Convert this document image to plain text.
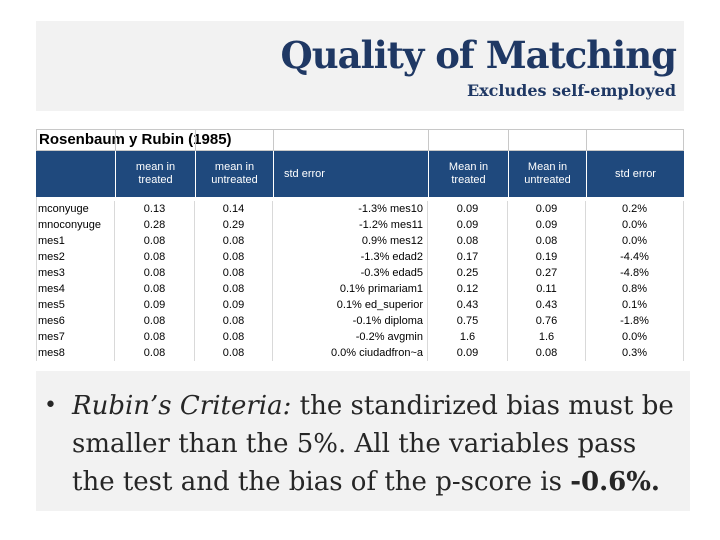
Quality of Matching
Excludes self-employed
Rosenbaum y Rubin (1985)
mean in treated
mean in untreated
std error
Mean in treated
Mean in untreated
std error
mconyuge
mnoconyuge
mes1
mes2
mes3
mes4
mes5
mes6
mes7
mes8
0.13
0.28
0.08
0.08
0.08
0.08
0.09
0.08
0.08
0.08
0.14
0.29
0.08
0.08
0.08
0.08
0.09
0.08
0.08
0.08
-1.3% mes10
-1.2% mes11
0.9% mes12
-1.3% edad2
-0.3% edad5
0.1% primariam1
0.1% ed_superior
-0.1% diploma
-0.2% avgmin
0.0% ciudadfron~a
0.09
0.09
0.08
0.17
0.25
0.12
0.43
0.75
1.6
0.09
0.09
0.09
0.08
0.19
0.27
0.11
0.43
0.76
1.6
0.08
0.2%
0.0%
0.0%
-4.4%
-4.8%
0.8%
0.1%
-1.8%
0.0%
0.3%
• Rubin’s Criteria: the standirized bias must be smaller than the 5%. All the variables pass the test and the bias of the p-score is -0.6%.
